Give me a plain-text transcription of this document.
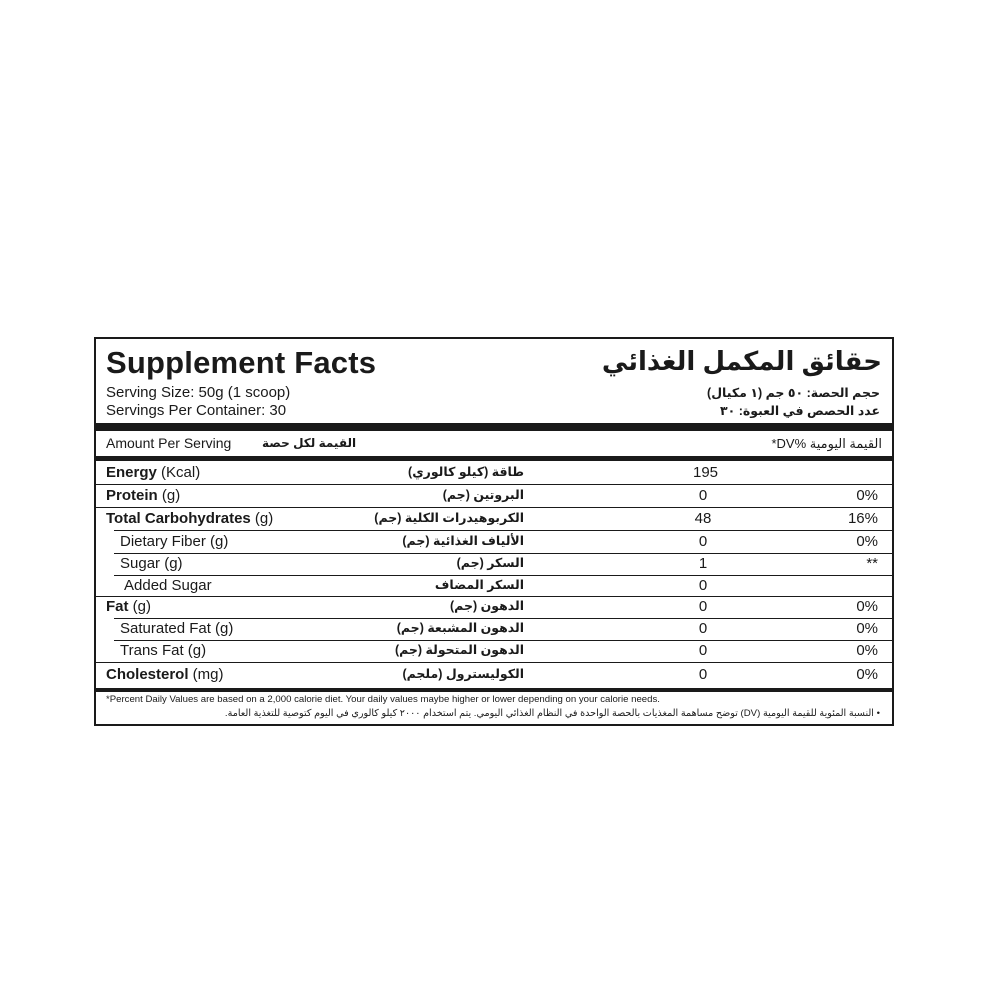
Supplement Facts	حقائق المكمل الغذائي
Serving Size: 50g (1 scoop)
Servings Per Container: 30
حجم الحصة: ٥٠ جم (١ مكيال)
عدد الحصص في العبوة: ٣٠
Amount Per Serving	القيمة لكل حصة	القيمة اليومية %DV*
Energy (Kcal)	طاقة (كيلو كالوري)	195
Protein (g)	البروتين (جم)	0	0%
Total Carbohydrates (g)	الكربوهيدرات الكلية (جم)	48	16%
Dietary Fiber (g)	الألياف الغذائية (جم)	0	0%
Sugar (g)	السكر (جم)	1	**
Added Sugar	السكر المضاف	0
Fat (g)	الدهون (جم)	0	0%
Saturated Fat (g)	الدهون المشبعة (جم)	0	0%
Trans Fat (g)	الدهون المتحولة (جم)	0	0%
Cholesterol (mg)	الكوليسترول (ملجم)	0	0%
*Percent Daily Values are based on a 2,000 calorie diet. Your daily values maybe higher or lower depending on your calorie needs.
• النسبة المئوية للقيمة اليومية (DV) توضح مساهمة المغذيات بالحصة الواحدة في النظام الغذائي اليومي. يتم استخدام ٢٠٠٠ كيلو كالوري في اليوم كتوصية للتغذية العامة.
